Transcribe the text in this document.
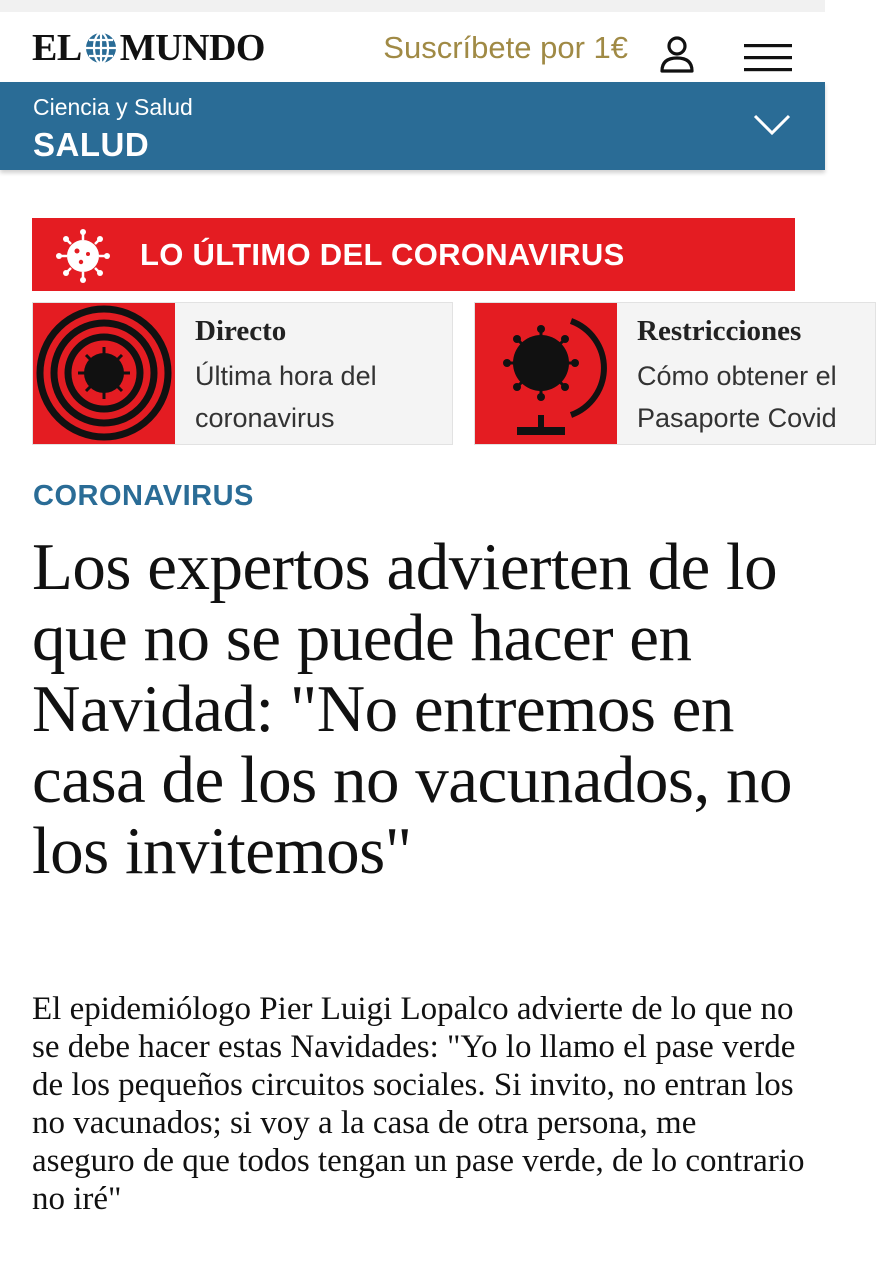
EL MUNDO	Suscríbete por 1€
Ciencia y Salud
SALUD
LO ÚLTIMO DEL CORONAVIRUS
Directo
Última hora del
coronavirus
Restricciones
Cómo obtener el
Pasaporte Covid
CORONAVIRUS
Los expertos advierten de lo que no se puede hacer en Navidad: "No entremos en casa de los no vacunados, no los invitemos"

El epidemiólogo Pier Luigi Lopalco advierte de lo que no se debe hacer estas Navidades: "Yo lo llamo el pase verde de los pequeños circuitos sociales. Si invito, no entran los no vacunados; si voy a la casa de otra persona, me aseguro de que todos tengan un pase verde, de lo contrario no iré"
